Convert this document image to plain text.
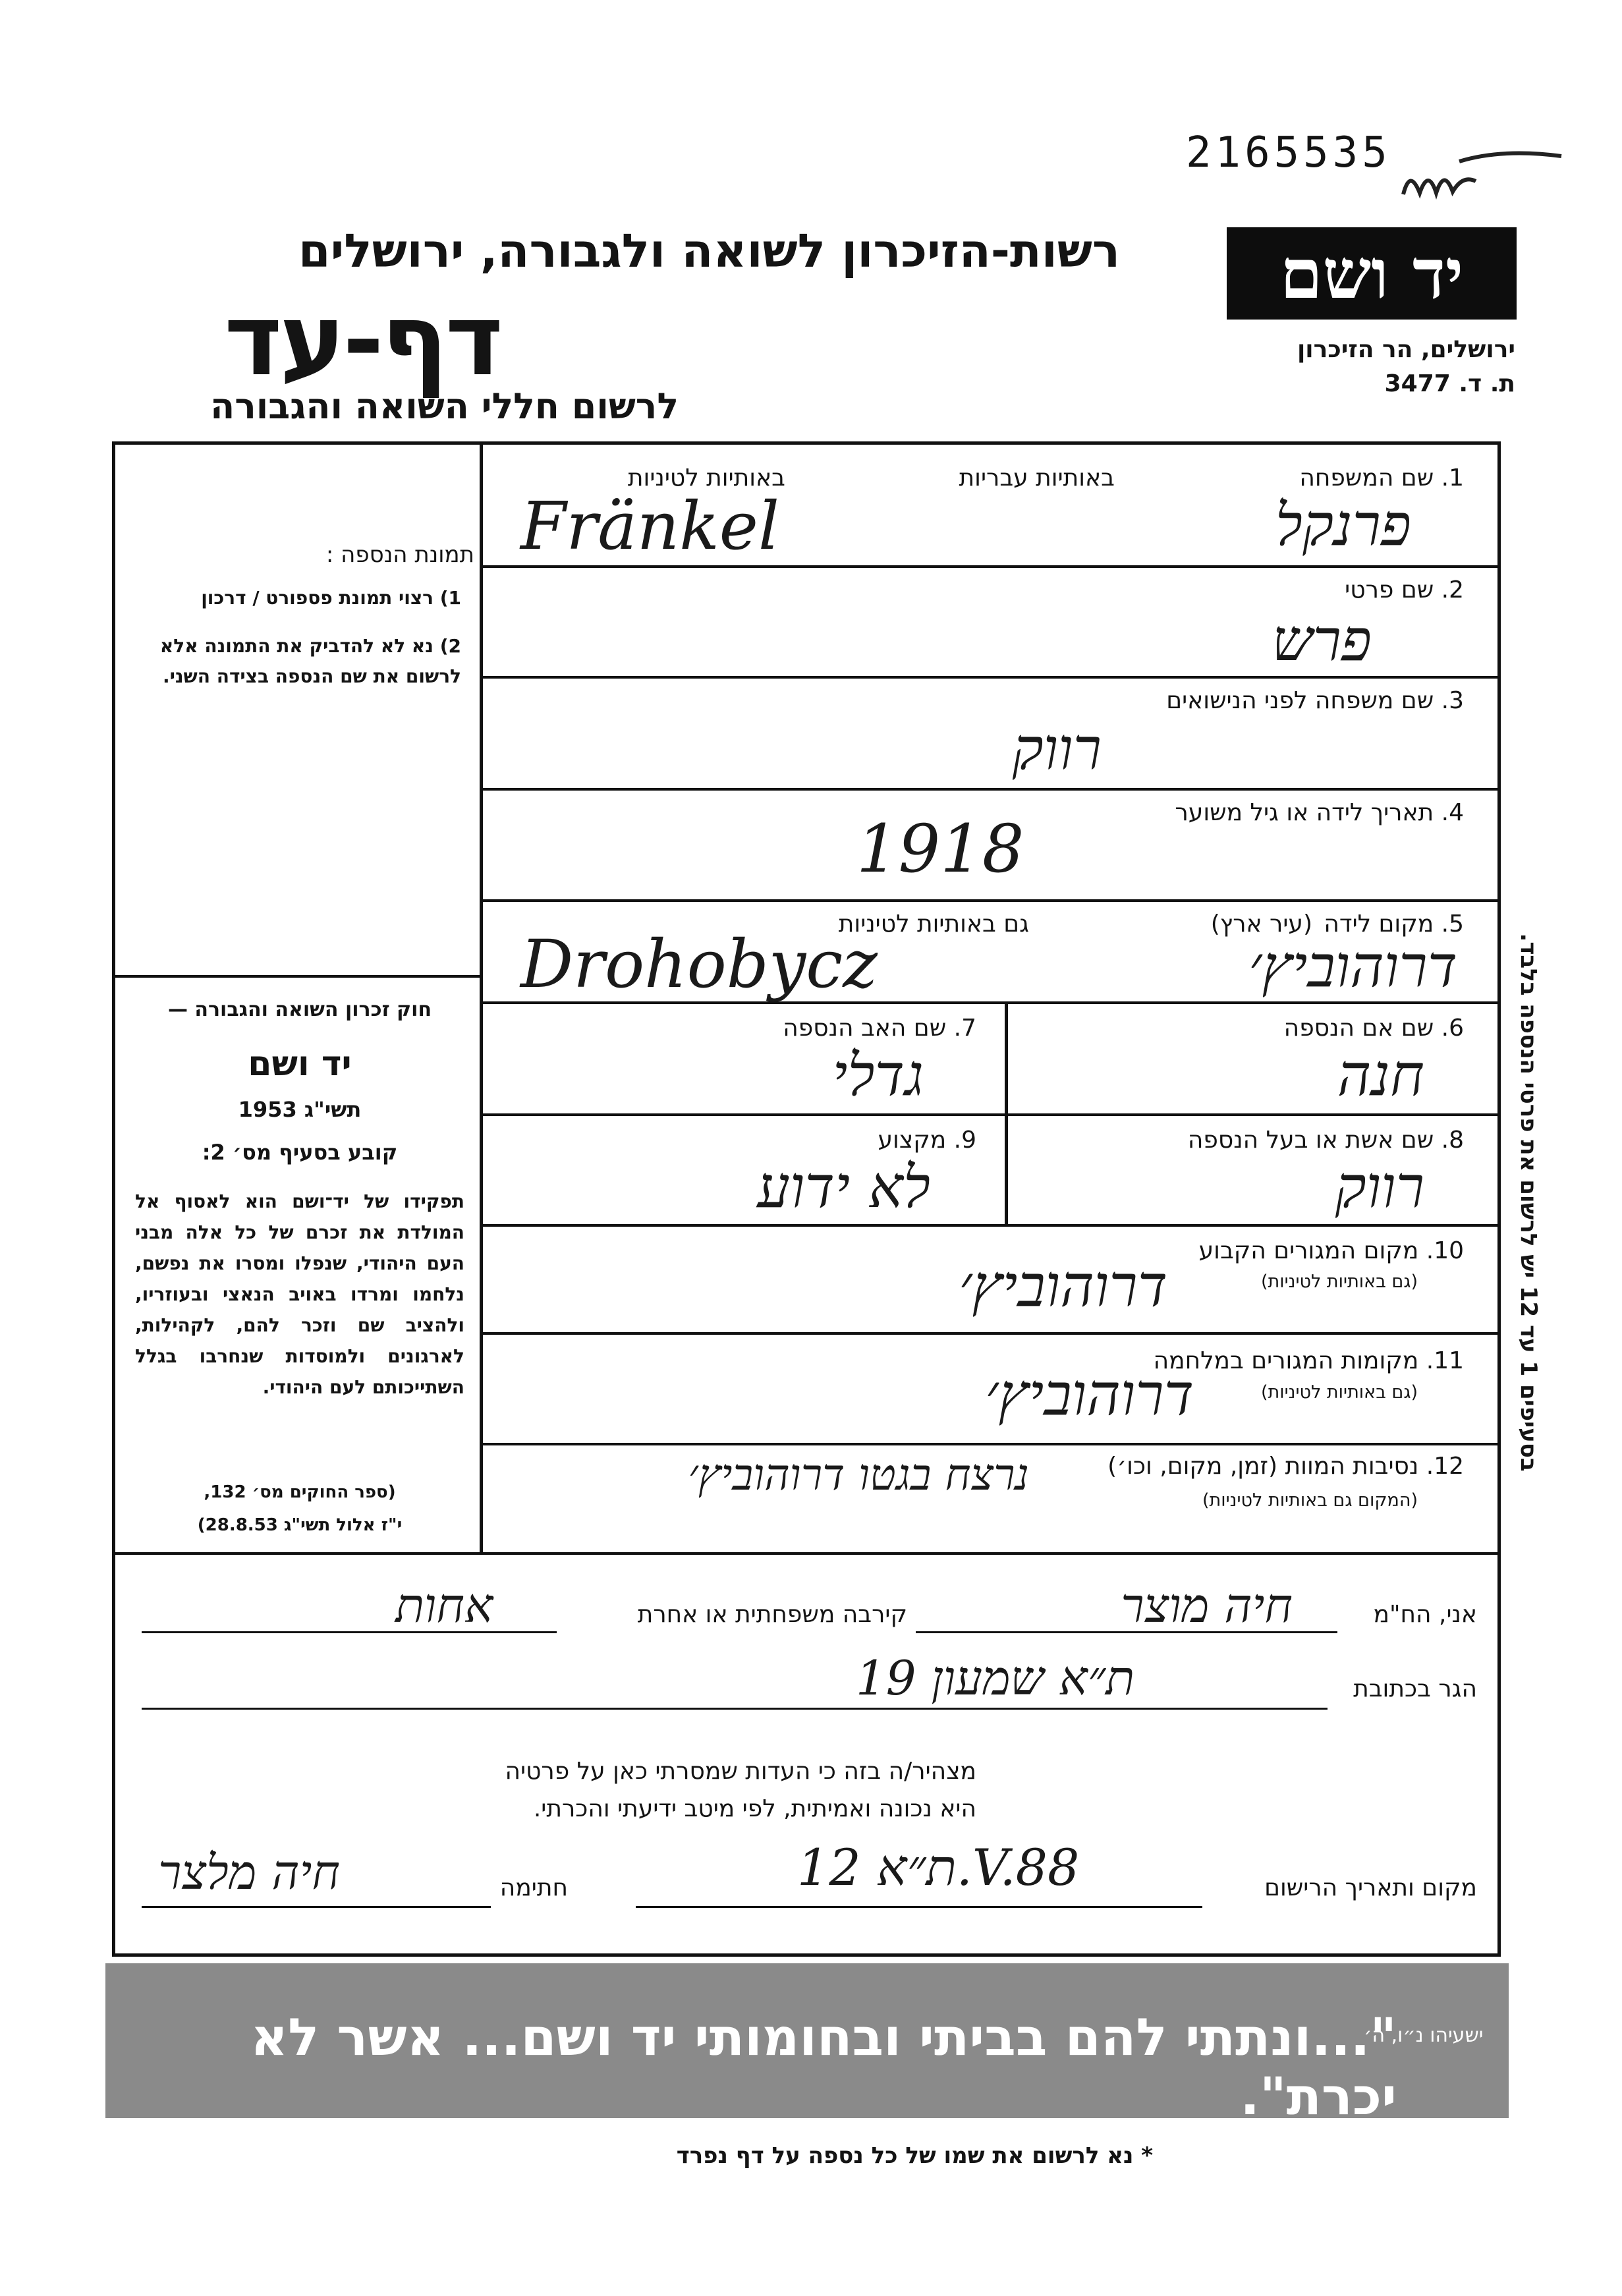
2165535
יד ושם
ירושלים, הר הזיכרון
ת. ד. 3477
רשות-הזיכרון לשואה ולגבורה, ירושלים
דף-עד
לרשום חללי השואה והגבורה
תמונת הנספה :
1) רצוי תמונת פספורט / דרכון
2) נא לא להדביק את התמונה אלא לרשום את שם הנספה בצידה השני.
חוק זכרון השואה והגבורה —
יד ושם
תשי"ג 1953
קובע בסעיף מס׳ 2:
תפקידו של יד־ושם הוא לאסוף אל המולדת את זכרם של כל אלה מבני העם היהודי, שנפלו ומסרו את נפשם, נלחמו ומרדו באויב הנאצי ובעוזריו, ולהציב שם וזכר להם, לקהילות, לארגונים ולמוסדות שנחרבו בגלל השתייכותם לעם היהודי.
(ספר החוקים מס׳ 132,
י"ז אלול תשי"ג 28.8.53)
1. שם המשפחה
באותיות עבריות
באותיות לטיניות
פרנקל
Fränkel
2. שם פרטי
פרש
3. שם משפחה לפני הנישואים
רווק
4. תאריך לידה או גיל משוער
1918
5. מקום לידה
(עיר ארץ)
גם באותיות לטיניות
דרוהוביץ׳
Drohobycz
6. שם אם הנספה
חנה
7. שם האב הנספה
גדלי
8. שם אשת או בעל הנספה
רווק
9. מקצוע
לא ידוע
10. מקום המגורים הקבוע
(גם באותיות לטיניות)
דרוהוביץ׳
11. מקומות המגורים במלחמה
(גם באותיות לטיניות)
דרוהוביץ׳
12. נסיבות המוות (זמן, מקום, וכו׳)
(המקום גם באותיות לטיניות)
נרצח בגטו דרוהוביץ׳
אני, הח"מ
חיה מוצר
קירבה משפחתית או אחרת
אחות
הגר בכתובת
ת״א שמעון 19
מצהיר/ה בזה כי העדות שמסרתי כאן על פרטיה
היא נכונה ואמיתית, לפי מיטב ידיעתי והכרתי.
מקום ותאריך הרישום
ת״א 12.V.88
חתימה
חיה מלצר
"...ונתתי להם בביתי ובחומותי יד ושם... אשר לא יכרת".
ישעיהו נ״ו, ה׳
בסעיפים 1 עד 12 יש לרשום את פרטי הנספה בלבד.
* נא לרשום את שמו של כל נספה על דף נפרד
